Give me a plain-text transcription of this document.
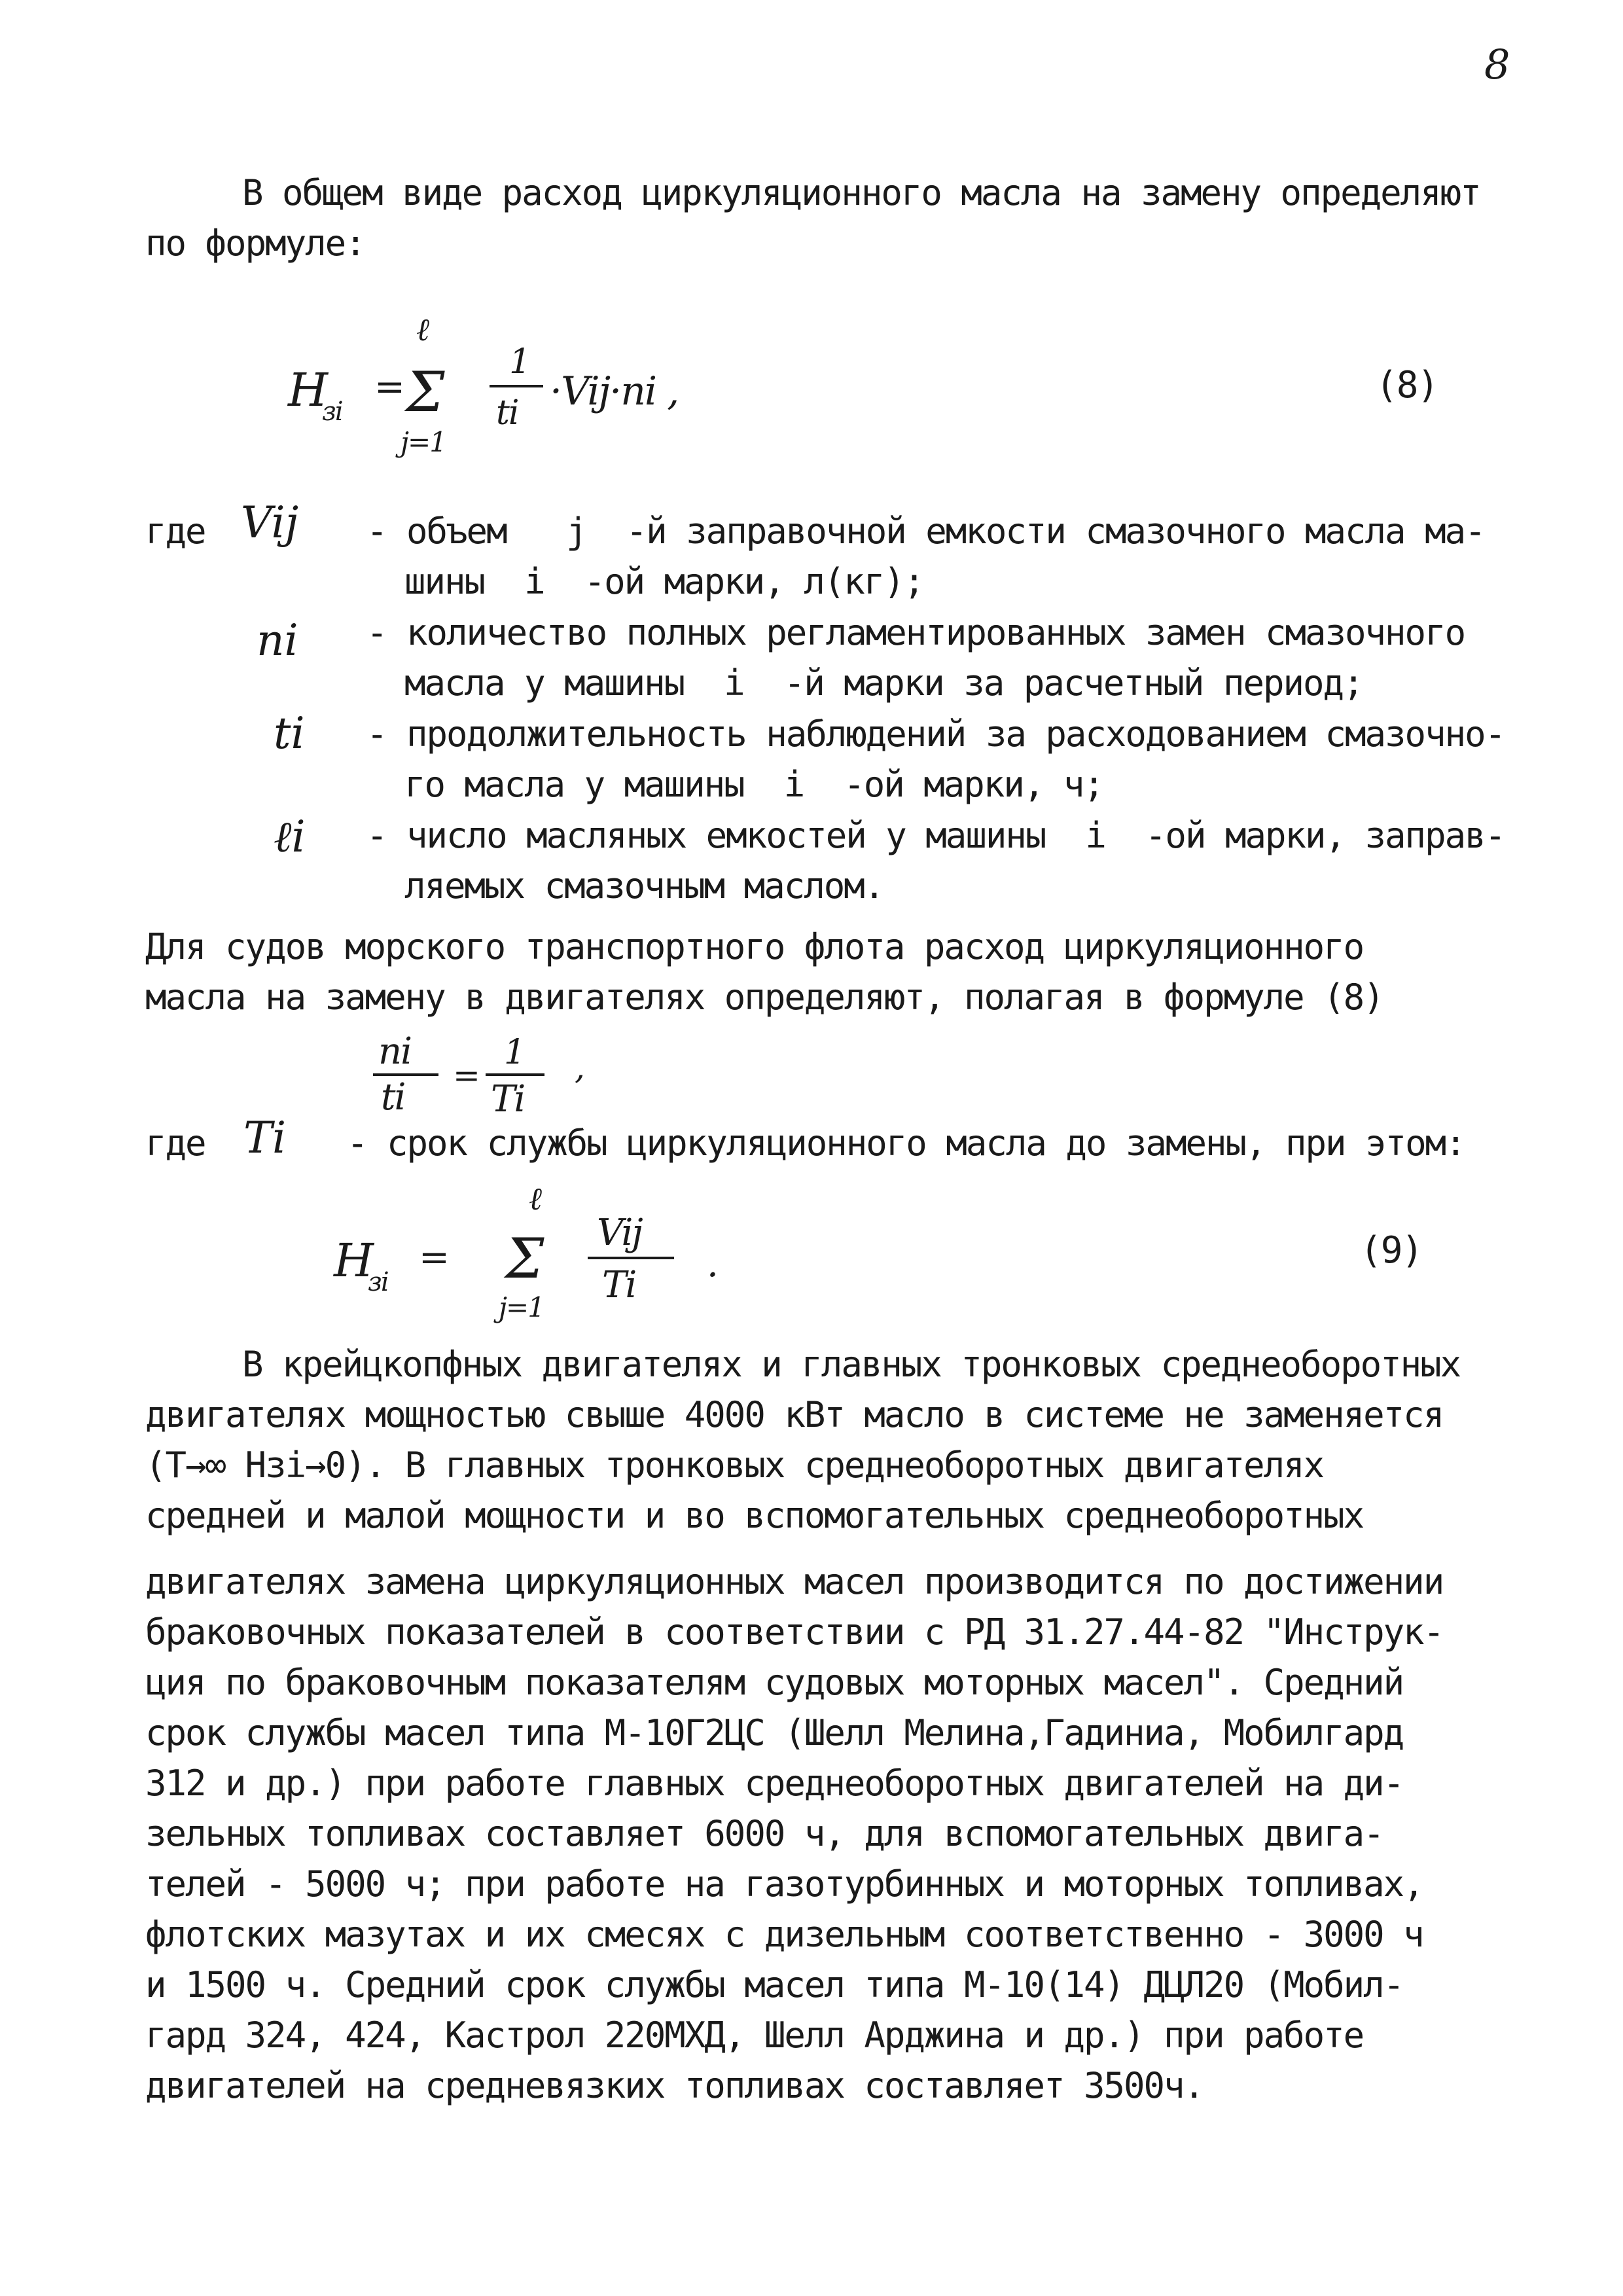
8
В общем виде расход циркуляционного масла на замену определяют
по формуле:
H
зi
=
ℓ
Σ
j=1
1
ti ·Vij·ni ,	(8)
где Vij - объем   j  -й заправочной емкости смазочного масла ма-
шины  i  -ой марки, л(кг);
ni - количество полных регламентированных замен смазочного
масла у машины  i  -й марки за расчетный период;
ti - продолжительность наблюдений за расходованием смазочно-
го масла у машины  i  -ой марки, ч;
ℓi - число масляных емкостей у машины  i  -ой марки, заправ-
ляемых смазочным маслом.
Для судов морского транспортного флота расход циркуляционного
масла на замену в двигателях определяют, полагая в формуле (8)
ni
ti
=
1
Ti
,
где Ti - срок службы циркуляционного масла до замены, при этом:
H
зi
=
ℓ
Σ
j=1
Vij
Ti .	(9)
В крейцкопфных двигателях и главных тронковых среднеоборотных
двигателях мощностью свыше 4000 кВт масло в системе не заменяется
(T→∞ Hзi→0). В главных тронковых среднеоборотных двигателях
средней и малой мощности и во вспомогательных среднеоборотных
двигателях замена циркуляционных масел производится по достижении
браковочных показателей в соответствии с РД 31.27.44-82 "Инструк-
ция по браковочным показателям судовых моторных масел". Средний
срок службы масел типа М-10Г2ЦС (Шелл Мелина,Гадиниа, Мобилгард
312 и др.) при работе главных среднеоборотных двигателей на ди-
зельных топливах составляет 6000 ч, для вспомогательных двига-
телей - 5000 ч; при работе на газотурбинных и моторных топливах,
флотских мазутах и их смесях с дизельным соответственно - 3000 ч
и 1500 ч. Средний срок службы масел типа М-10(14) ДЦЛ20 (Мобил-
гард 324, 424, Кастрол 220МХД, Шелл Арджина и др.) при работе
двигателей на средневязких топливах составляет 3500ч.
